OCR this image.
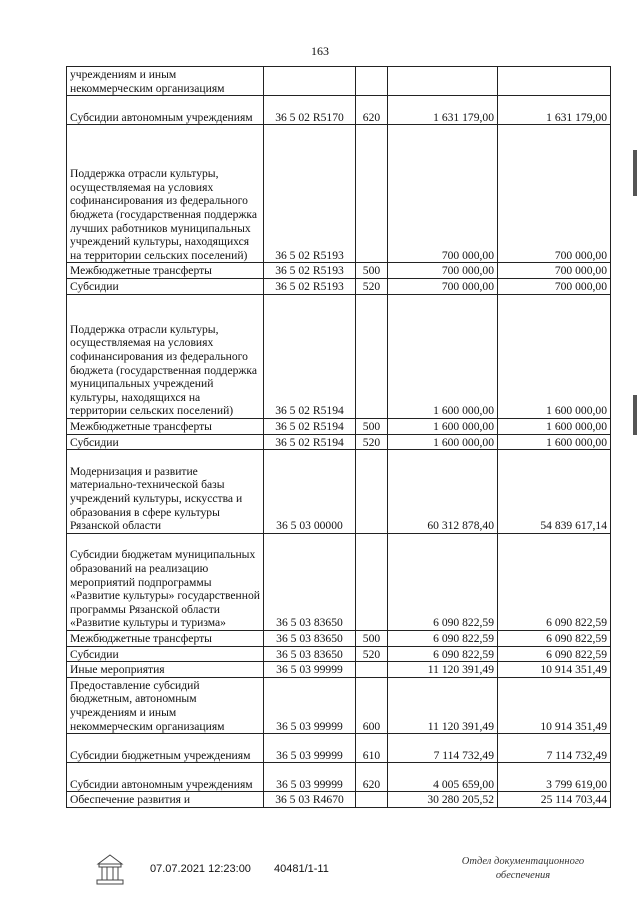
163
учреждениям и иным некоммерческим организациям				
Субсидии автономным учреждениям	36 5 02 R5170	620	1 631 179,00	1 631 179,00
Поддержка отрасли культуры, осуществляемая на условиях софинансирования из федерального бюджета (государственная поддержка лучших работников муниципальных учреждений культуры, находящихся на территории сельских поселений)	36 5 02 R5193		700 000,00	700 000,00
Межбюджетные трансферты	36 5 02 R5193	500	700 000,00	700 000,00
Субсидии	36 5 02 R5193	520	700 000,00	700 000,00
Поддержка отрасли культуры, осуществляемая на условиях софинансирования из федерального бюджета (государственная поддержка муниципальных учреждений культуры, находящихся на территории сельских поселений)	36 5 02 R5194		1 600 000,00	1 600 000,00
Межбюджетные трансферты	36 5 02 R5194	500	1 600 000,00	1 600 000,00
Субсидии	36 5 02 R5194	520	1 600 000,00	1 600 000,00
Модернизация и развитие материально-технической базы учреждений культуры, искусства и образования в сфере культуры Рязанской области	36 5 03 00000		60 312 878,40	54 839 617,14
Субсидии бюджетам муниципальных образований на реализацию мероприятий подпрограммы «Развитие культуры» государственной программы Рязанской области «Развитие культуры и туризма»	36 5 03 83650		6 090 822,59	6 090 822,59
Межбюджетные трансферты	36 5 03 83650	500	6 090 822,59	6 090 822,59
Субсидии	36 5 03 83650	520	6 090 822,59	6 090 822,59
Иные мероприятия	36 5 03 99999		11 120 391,49	10 914 351,49
Предоставление субсидий бюджетным, автономным учреждениям и иным некоммерческим организациям	36 5 03 99999	600	11 120 391,49	10 914 351,49
Субсидии бюджетным учреждениям	36 5 03 99999	610	7 114 732,49	7 114 732,49
Субсидии автономным учреждениям	36 5 03 99999	620	4 005 659,00	3 799 619,00
Обеспечение развития и	36 5 03 R4670		30 280 205,52	25 114 703,44
07.07.2021 12:23:00 40481/1-11
Отдел документационного
обеспечения
